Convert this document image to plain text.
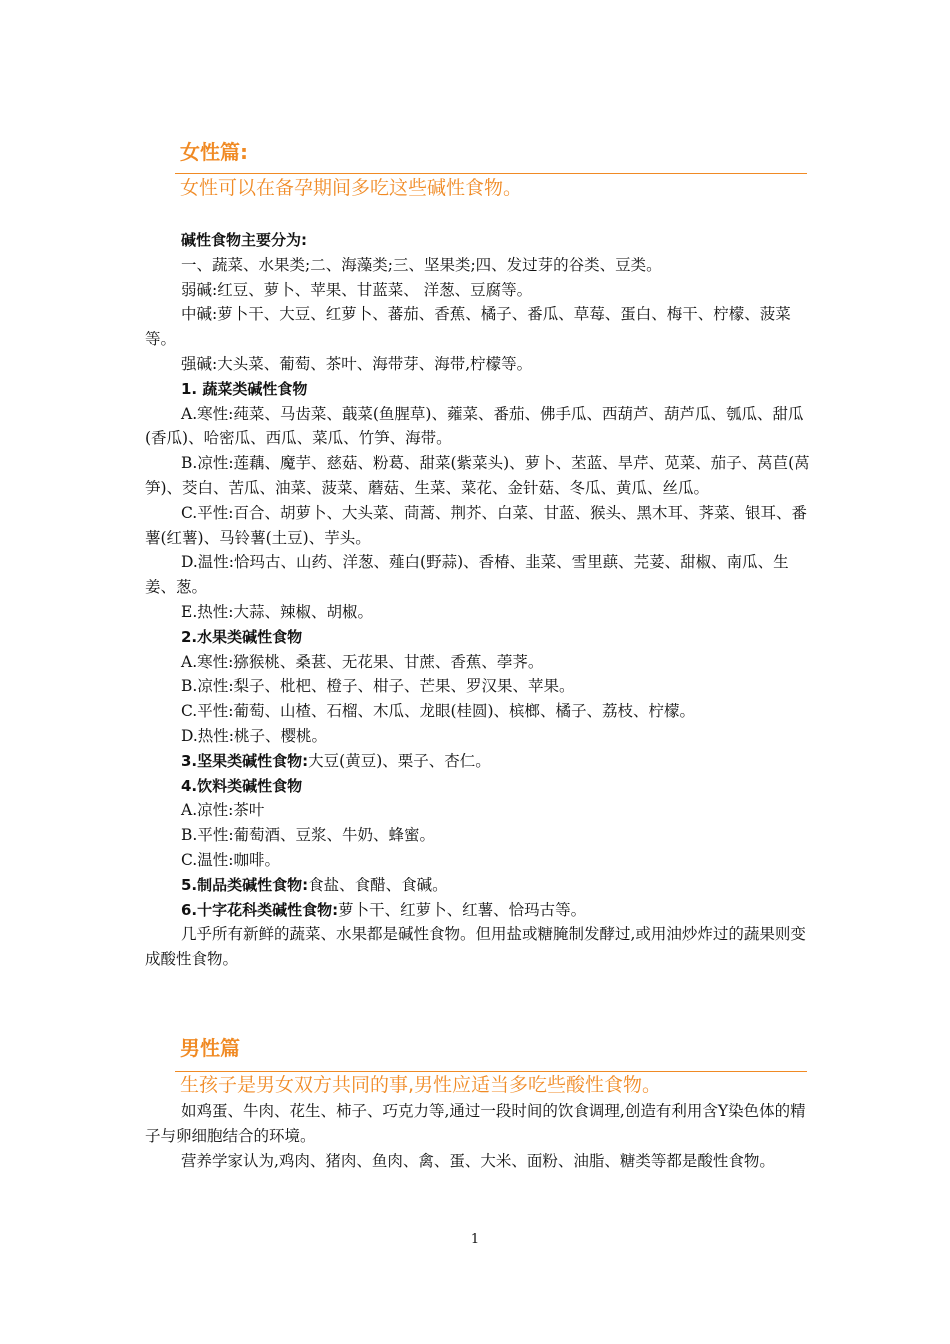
女性篇:
女性可以在备孕期间多吃这些碱性食物。

碱性食物主要分为:

一、蔬菜、水果类;二、海藻类;三、坚果类;四、发过芽的谷类、豆类。

弱碱:红豆、萝卜、苹果、甘蓝菜、 洋葱、豆腐等。

中碱:萝卜干、大豆、红萝卜、蕃茄、香蕉、橘子、番瓜、草莓、蛋白、梅干、柠檬、菠菜等。

强碱:大头菜、葡萄、茶叶、海带芽、海带,柠檬等。

1. 蔬菜类碱性食物

A.寒性:莼菜、马齿菜、蕺菜(鱼腥草)、蕹菜、番茄、佛手瓜、西葫芦、葫芦瓜、瓠瓜、甜瓜(香瓜)、哈密瓜、西瓜、菜瓜、竹笋、海带。

B.凉性:莲藕、魔芋、慈菇、粉葛、甜菜(紫菜头)、萝卜、苤蓝、旱芹、苋菜、茄子、莴苣(莴笋)、茭白、苦瓜、油菜、菠菜、蘑菇、生菜、菜花、金针菇、冬瓜、黄瓜、丝瓜。

C.平性:百合、胡萝卜、大头菜、茼蒿、荆芥、白菜、甘蓝、猴头、黑木耳、荠菜、银耳、番薯(红薯)、马铃薯(土豆)、芋头。

D.温性:恰玛古、山药、洋葱、薤白(野蒜)、香椿、韭菜、雪里蕻、芫荽、甜椒、南瓜、生姜、葱。

E.热性:大蒜、辣椒、胡椒。

2.水果类碱性食物

A.寒性:猕猴桃、桑葚、无花果、甘蔗、香蕉、荸荠。

B.凉性:梨子、枇杷、橙子、柑子、芒果、罗汉果、苹果。

C.平性:葡萄、山楂、石榴、木瓜、龙眼(桂圆)、槟榔、橘子、荔枝、柠檬。

D.热性:桃子、樱桃。

3.坚果类碱性食物:大豆(黄豆)、栗子、杏仁。

4.饮料类碱性食物

A.凉性:茶叶

B.平性:葡萄酒、豆浆、牛奶、蜂蜜。

C.温性:咖啡。

5.制品类碱性食物:食盐、食醋、食碱。

6.十字花科类碱性食物:萝卜干、红萝卜、红薯、恰玛古等。

几乎所有新鲜的蔬菜、水果都是碱性食物。但用盐或糖腌制发酵过,或用油炒炸过的蔬果则变成酸性食物。

男性篇
生孩子是男女双方共同的事,男性应适当多吃些酸性食物。

如鸡蛋、牛肉、花生、柿子、巧克力等,通过一段时间的饮食调理,创造有利用含Y染色体的精子与卵细胞结合的环境。

营养学家认为,鸡肉、猪肉、鱼肉、禽、蛋、大米、面粉、油脂、糖类等都是酸性食物。

1
